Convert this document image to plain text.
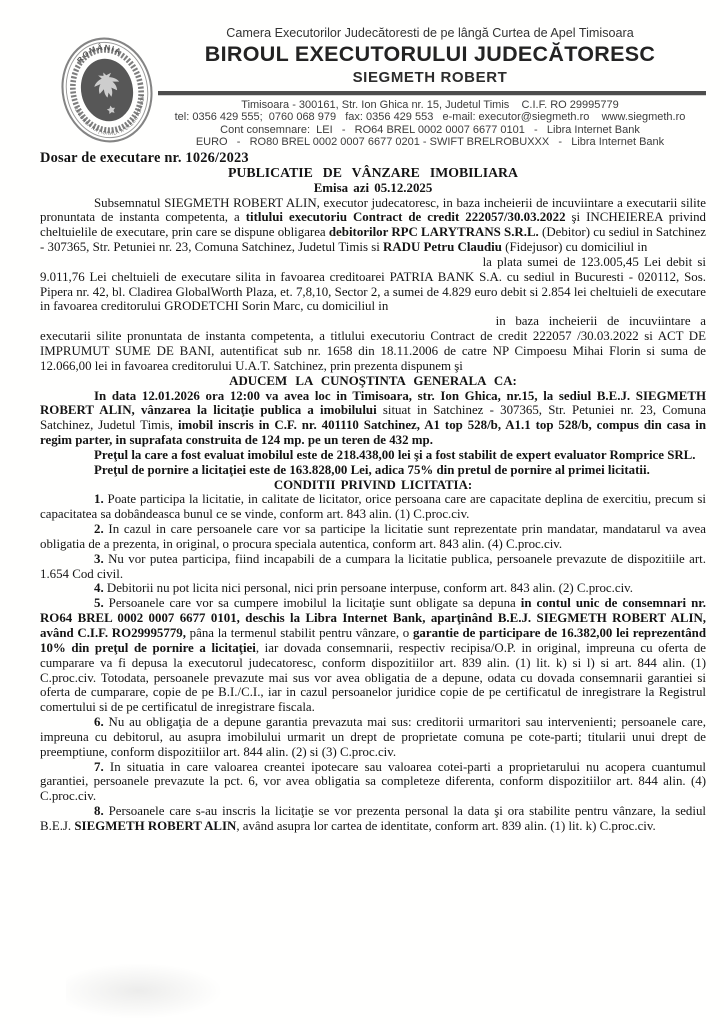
ROMÂNIA
UNIUNEA NAŢIONALĂ A EXECUTORILOR
Camera Executorilor Judecătoresti de pe lângă Curtea de Apel Timisoara
BIROUL EXECUTORULUI JUDECĂTORESC
SIEGMETH ROBERT
Timisoara - 300161, Str. Ion Ghica nr. 15, Judetul Timis    C.I.F. RO 29995779
tel: 0356 429 555;  0760 068 979   fax: 0356 429 553   e-mail: executor@siegmeth.ro    www.siegmeth.ro
Cont consemnare:  LEI   -   RO64 BREL 0002 0007 6677 0101   -   Libra Internet Bank
EURO   -   RO80 BREL 0002 0007 6677 0201 - SWIFT BRELROBUXXX   -   Libra Internet Bank
Dosar de executare nr. 1026/2023
PUBLICATIE DE VÂNZARE IMOBILIARA
Emisa azi 05.12.2025

Subsemnatul SIEGMETH ROBERT ALIN, executor judecatoresc, in baza incheierii de incuviintare a executarii silite pronuntata de instanta competenta, a titlului executoriu Contract de credit 222057/30.03.2022 şi INCHEIEREA privind cheltuielile de executare, prin care se dispune obligarea debitorilor RPC LARYTRANS S.R.L. (Debitor) cu sediul in Satchinez - 307365, Str. Petuniei nr. 23, Comuna Satchinez, Judetul Timis si RADU Petru Claudiu (Fidejusor) cu domiciliul in

la plata sumei de 123.005,45 Lei debit si

9.011,76 Lei cheltuieli de executare silita in favoarea creditoarei PATRIA BANK S.A. cu sediul in Bucuresti - 020112, Sos. Pipera nr. 42, bl. Cladirea GlobalWorth Plaza, et. 7,8,10, Sector 2, a sumei de 4.829 euro debit si 2.854 lei cheltuieli de executare in favoarea creditorului GRODETCHI Sorin Marc, cu domiciliul in

in baza incheierii de incuviintare a

executarii silite pronuntata de instanta competenta, a titlului executoriu Contract de credit 222057 /30.03.2022 si ACT DE IMPRUMUT SUME DE BANI, autentificat sub nr. 1658 din 18.11.2006 de catre NP Cimpoesu Mihai Florin si suma de 12.066,00 lei in favoarea creditorului U.A.T. Satchinez, prin prezenta dispunem şi

ADUCEM LA CUNOŞTINTA GENERALA CA:

In data 12.01.2026 ora 12:00 va avea loc in Timisoara, str. Ion Ghica, nr.15, la sediul B.E.J. SIEGMETH ROBERT ALIN, vânzarea la licitaţie publica a imobilului situat in Satchinez - 307365, Str. Petuniei nr. 23, Comuna Satchinez, Judetul Timis, imobil inscris in C.F. nr. 401110 Satchinez, A1 top 528/b, A1.1 top 528/b, compus din casa in regim parter, in suprafata construita de 124 mp. pe un teren de 432 mp.

Preţul la care a fost evaluat imobilul este de 218.438,00 lei şi a fost stabilit de expert evaluator Romprice SRL.

Preţul de pornire a licitaţiei este de 163.828,00 Lei, adica 75% din pretul de pornire al primei licitatii.

CONDITII PRIVIND LICITATIA:

1. Poate participa la licitatie, in calitate de licitator, orice persoana care are capacitate deplina de exercitiu, precum si capacitatea sa dobândeasca bunul ce se vinde, conform art. 843 alin. (1) C.proc.civ.

2. In cazul in care persoanele care vor sa participe la licitatie sunt reprezentate prin mandatar, mandatarul va avea obligatia de a prezenta, in original, o procura speciala autentica, conform art. 843 alin. (4) C.proc.civ.

3. Nu vor putea participa, fiind incapabili de a cumpara la licitatie publica, persoanele prevazute de dispozitiile art. 1.654 Cod civil.

4. Debitorii nu pot licita nici personal, nici prin persoane interpuse, conform art. 843 alin. (2) C.proc.civ.

5. Persoanele care vor sa cumpere imobilul la licitaţie sunt obligate sa depuna in contul unic de consemnari nr. RO64 BREL 0002 0007 6677 0101, deschis la Libra Internet Bank, aparţinând B.E.J. SIEGMETH ROBERT ALIN, având C.I.F. RO29995779, pâna la termenul stabilit pentru vânzare, o garantie de participare de 16.382,00 lei reprezentând 10% din preţul de pornire a licitaţiei, iar dovada consemnarii, respectiv recipisa/O.P. in original, impreuna cu oferta de cumparare va fi depusa la executorul judecatoresc, conform dispozitiilor art. 839 alin. (1) lit. k) si l) si art. 844 alin. (1) C.proc.civ. Totodata, persoanele prevazute mai sus vor avea obligatia de a depune, odata cu dovada consemnarii garantiei si oferta de cumparare, copie de pe B.I./C.I., iar in cazul persoanelor juridice copie de pe certificatul de inregistrare la Registrul comertului si de pe certificatul de inregistrare fiscala.

6. Nu au obligaţia de a depune garantia prevazuta mai sus: creditorii urmaritori sau intervenienti; persoanele care, impreuna cu debitorul, au asupra imobilului urmarit un drept de proprietate comuna pe cote-parti; titularii unui drept de preemptiune, conform dispozitiilor art. 844 alin. (2) si (3) C.proc.civ.

7. In situatia in care valoarea creantei ipotecare sau valoarea cotei-parti a proprietarului nu acopera cuantumul garantiei, persoanele prevazute la pct. 6, vor avea obligatia sa completeze diferenta, conform dispozitiilor art. 844 alin. (4) C.proc.civ.

8. Persoanele care s-au inscris la licitaţie se vor prezenta personal la data şi ora stabilite pentru vânzare, la sediul B.E.J. SIEGMETH ROBERT ALIN, având asupra lor cartea de identitate, conform art. 839 alin. (1) lit. k) C.proc.civ.
